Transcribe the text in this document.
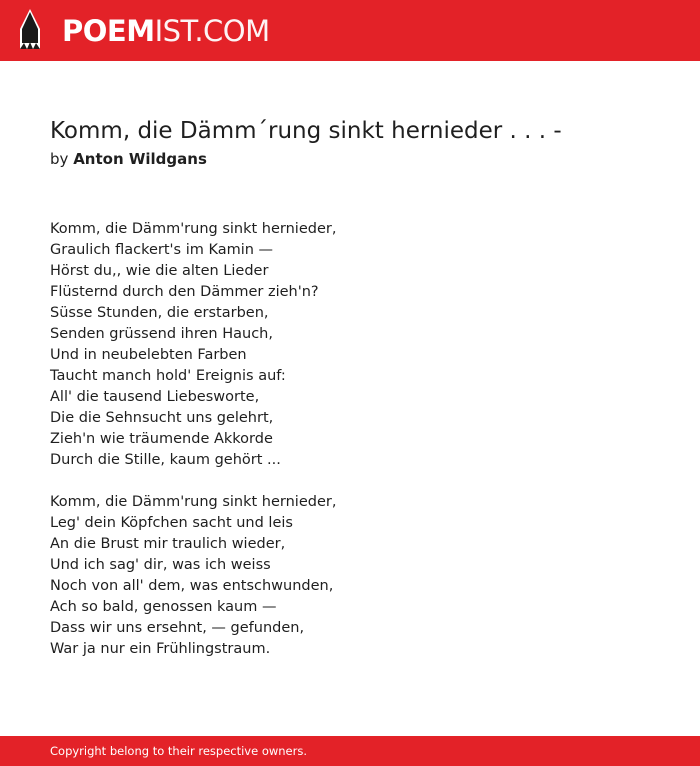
POEMIST.COM
Komm, die Dämm´rung sinkt hernieder . . . -
by Anton Wildgans
Komm, die Dämm'rung sinkt hernieder,
Graulich flackert's im Kamin —
Hörst du,, wie die alten Lieder
Flüsternd durch den Dämmer zieh'n?
Süsse Stunden, die erstarben,
Senden grüssend ihren Hauch,
Und in neubelebten Farben
Taucht manch hold' Ereignis auf:
All' die tausend Liebesworte,
Die die Sehnsucht uns gelehrt,
Zieh'n wie träumende Akkorde
Durch die Stille, kaum gehört ...
Komm, die Dämm'rung sinkt hernieder,
Leg' dein Köpfchen sacht und leis
An die Brust mir traulich wieder,
Und ich sag' dir, was ich weiss
Noch von all' dem, was entschwunden,
Ach so bald, genossen kaum —
Dass wir uns ersehnt, — gefunden,
War ja nur ein Frühlingstraum.
Copyright belong to their respective owners.
